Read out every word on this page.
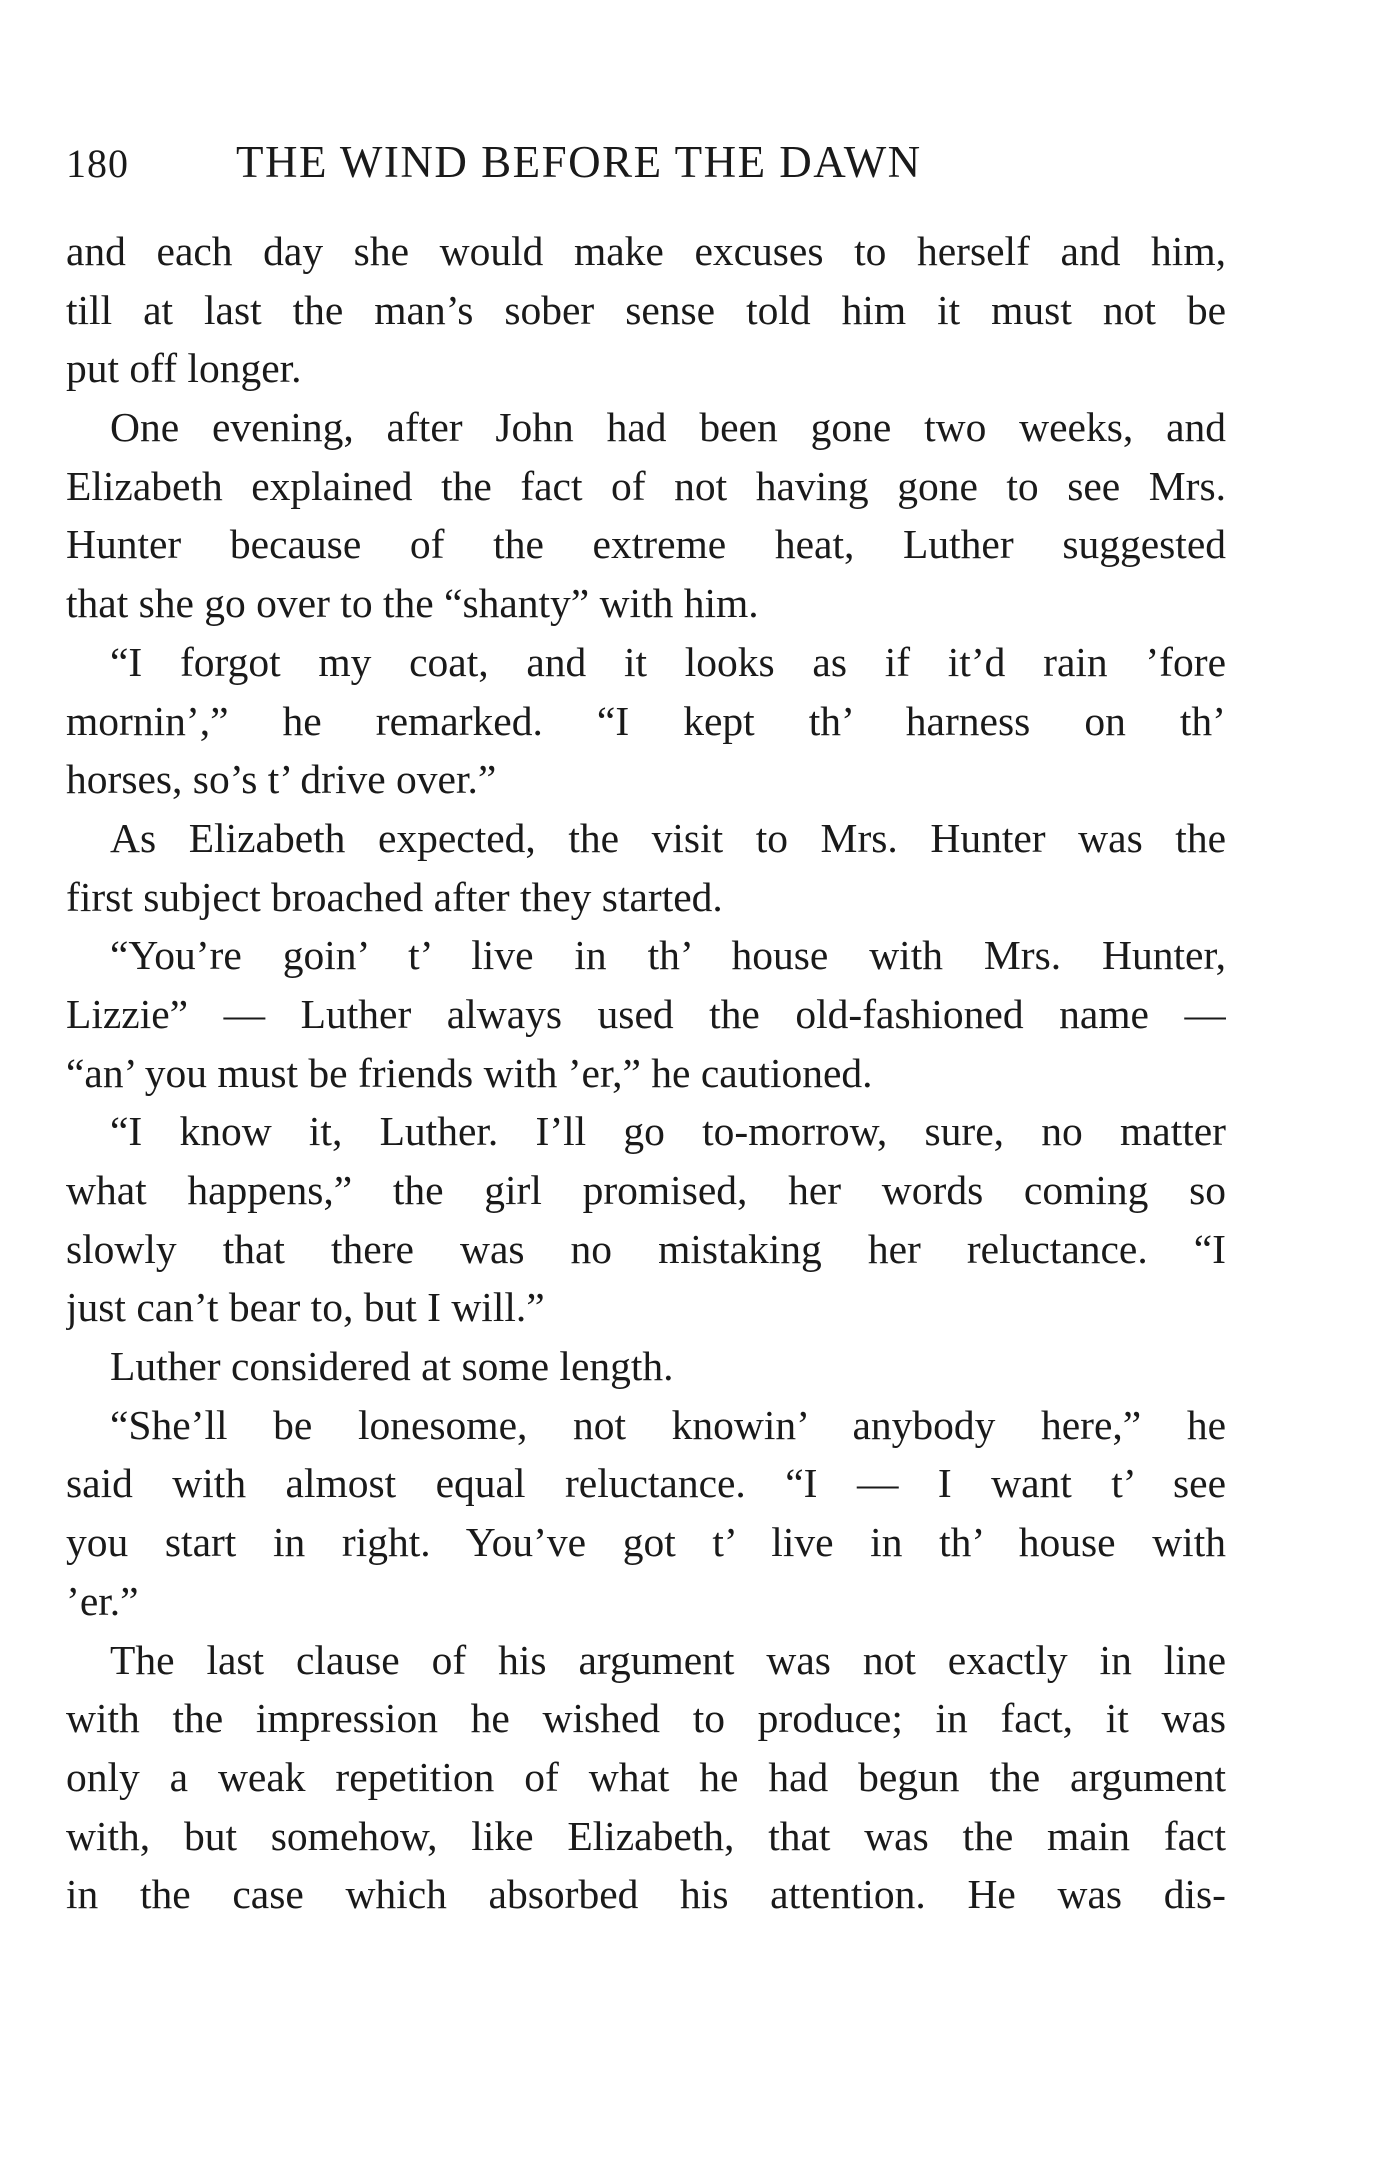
180 THE WIND BEFORE THE DAWN
and each day she would make excuses to herself and him,
till at last the man’s sober sense told him it must not be
put off longer.
One evening, after John had been gone two weeks, and
Elizabeth explained the fact of not having gone to see Mrs.
Hunter because of the extreme heat, Luther suggested
that she go over to the “shanty” with him.
“I forgot my coat, and it looks as if it’d rain ’fore
mornin’,” he remarked. “I kept th’ harness on th’
horses, so’s t’ drive over.”
As Elizabeth expected, the visit to Mrs. Hunter was the
first subject broached after they started.
“You’re goin’ t’ live in th’ house with Mrs. Hunter,
Lizzie” — Luther always used the old-fashioned name —
“an’ you must be friends with ’er,” he cautioned.
“I know it, Luther. I’ll go to-morrow, sure, no matter
what happens,” the girl promised, her words coming so
slowly that there was no mistaking her reluctance. “I
just can’t bear to, but I will.”
Luther considered at some length.
“She’ll be lonesome, not knowin’ anybody here,” he
said with almost equal reluctance. “I — I want t’ see
you start in right. You’ve got t’ live in th’ house with
’er.”
The last clause of his argument was not exactly in line
with the impression he wished to produce; in fact, it was
only a weak repetition of what he had begun the argument
with, but somehow, like Elizabeth, that was the main fact
in the case which absorbed his attention. He was dis-
